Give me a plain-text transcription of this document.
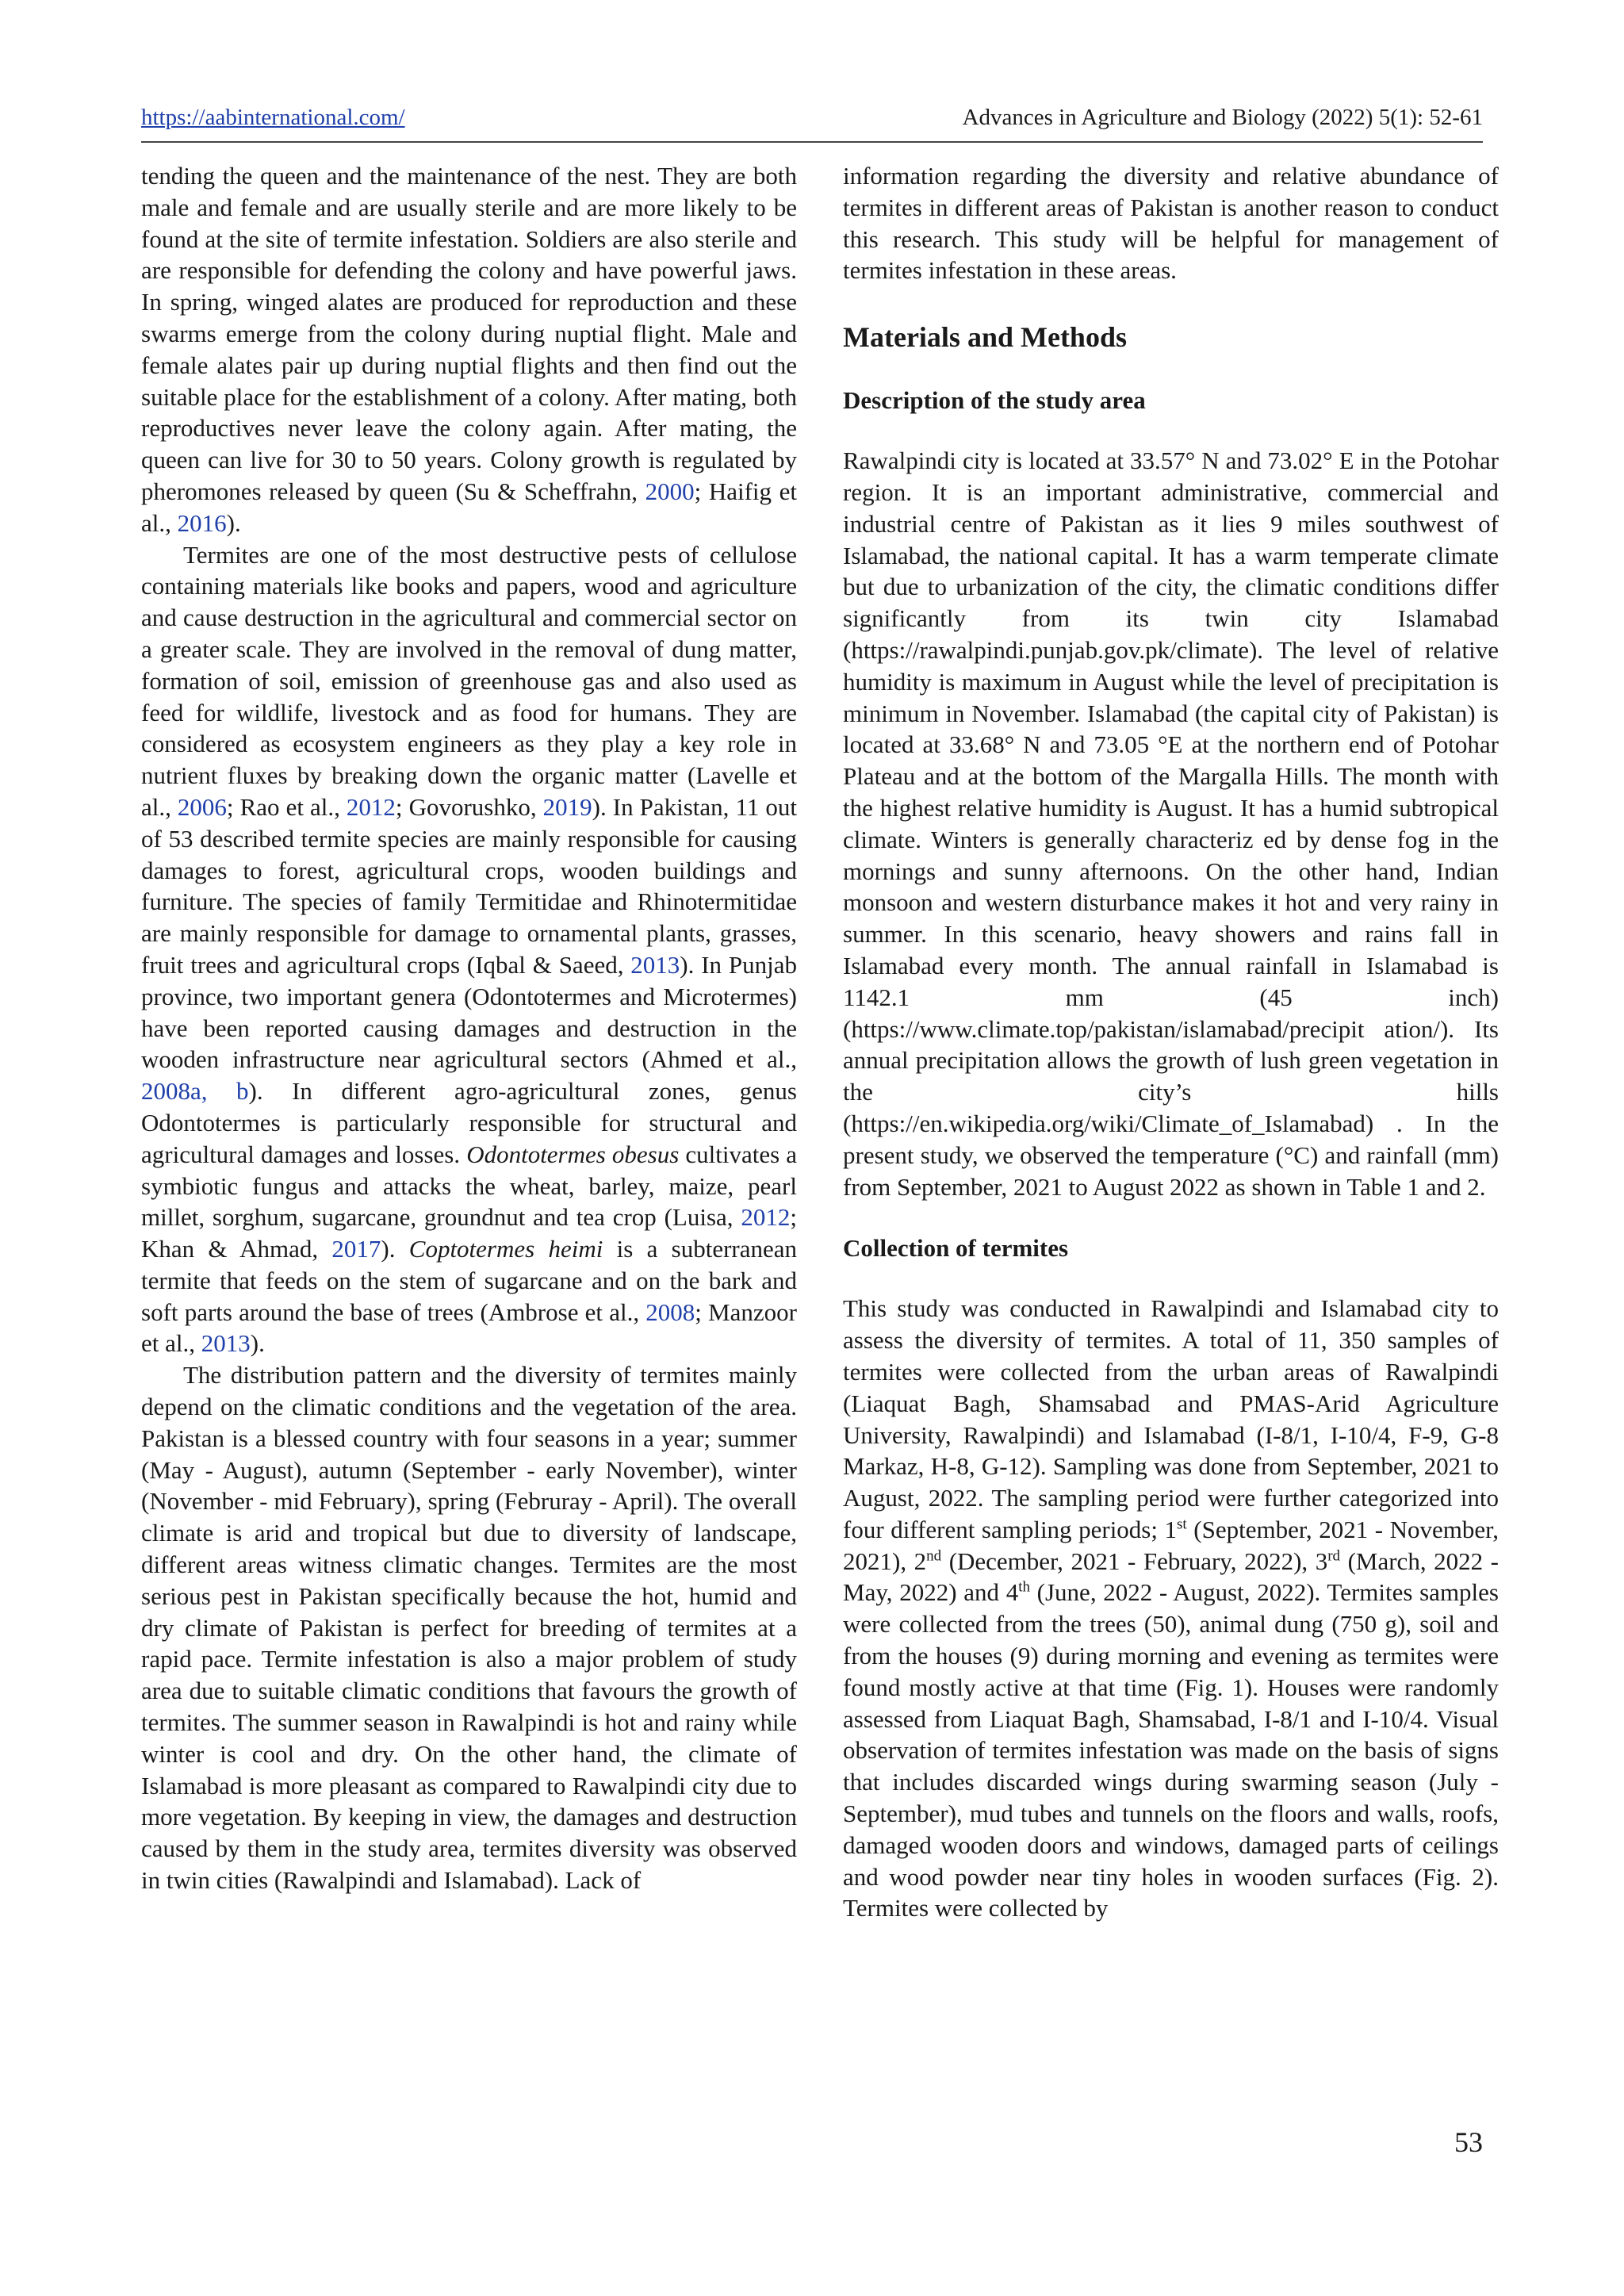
https://aabinternational.com/	Advances in Agriculture and Biology (2022) 5(1): 52-61

tending the queen and the maintenance of the nest. They are both male and female and are usually sterile and are more likely to be found at the site of termite infestation. Soldiers are also sterile and are responsible for defending the colony and have powerful jaws. In spring, winged alates are produced for reproduction and these swarms emerge from the colony during nuptial flight. Male and female alates pair up during nuptial flights and then find out the suitable place for the establishment of a colony. After mating, both reproductives never leave the colony again. After mating, the queen can live for 30 to 50 years. Colony growth is regulated by pheromones released by queen (Su & Scheffrahn, 2000; Haifig et al., 2016).

Termites are one of the most destructive pests of cellulose containing materials like books and papers, wood and agriculture and cause destruction in the agricultural and commercial sector on a greater scale. They are involved in the removal of dung matter, formation of soil, emission of greenhouse gas and also used as feed for wildlife, livestock and as food for humans. They are considered as ecosystem engineers as they play a key role in nutrient fluxes by breaking down the organic matter (Lavelle et al., 2006; Rao et al., 2012; Govorushko, 2019). In Pakistan, 11 out of 53 described termite species are mainly responsible for causing damages to forest, agricultural crops, wooden buildings and furniture. The species of family Termitidae and Rhinotermitidae are mainly responsible for damage to ornamental plants, grasses, fruit trees and agricultural crops (Iqbal & Saeed, 2013). In Punjab province, two important genera (Odontotermes and Microtermes) have been reported causing damages and destruction in the wooden infrastructure near agricultural sectors (Ahmed et al., 2008a, b). In different agro-agricultural zones, genus Odontotermes is particularly responsible for structural and agricultural damages and losses. Odontotermes obesus cultivates a symbiotic fungus and attacks the wheat, barley, maize, pearl millet, sorghum, sugarcane, groundnut and tea crop (Luisa, 2012; Khan & Ahmad, 2017). Coptotermes heimi is a subterranean termite that feeds on the stem of sugarcane and on the bark and soft parts around the base of trees (Ambrose et al., 2008; Manzoor et al., 2013).

The distribution pattern and the diversity of termites mainly depend on the climatic conditions and the vegetation of the area. Pakistan is a blessed country with four seasons in a year; summer (May - August), autumn (September - early November), winter (November - mid February), spring (Februray - April). The overall climate is arid and tropical but due to diversity of landscape, different areas witness climatic changes. Termites are the most serious pest in Pakistan specifically because the hot, humid and dry climate of Pakistan is perfect for breeding of termites at a rapid pace. Termite infestation is also a major problem of study area due to suitable climatic conditions that favours the growth of termites. The summer season in Rawalpindi is hot and rainy while winter is cool and dry. On the other hand, the climate of Islamabad is more pleasant as compared to Rawalpindi city due to more vegetation. By keeping in view, the damages and destruction caused by them in the study area, termites diversity was observed in twin cities (Rawalpindi and Islamabad). Lack of

information regarding the diversity and relative abundance of termites in different areas of Pakistan is another reason to conduct this research. This study will be helpful for management of termites infestation in these areas.

Materials and Methods
Description of the study area

Rawalpindi city is located at 33.57° N and 73.02° E in the Potohar region. It is an important administrative, commercial and industrial centre of Pakistan as it lies 9 miles southwest of Islamabad, the national capital. It has a warm temperate climate but due to urbanization of the city, the climatic conditions differ significantly from its twin city Islamabad (https://rawalpindi.punjab.gov.pk/climate). The level of relative humidity is maximum in August while the level of precipitation is minimum in November. Islamabad (the capital city of Pakistan) is located at 33.68° N and 73.05 °E at the northern end of Potohar Plateau and at the bottom of the Margalla Hills. The month with the highest relative humidity is August. It has a humid subtropical climate. Winters is generally characteriz ed by dense fog in the mornings and sunny afternoons. On the other hand, Indian monsoon and western disturbance makes it hot and very rainy in summer. In this scenario, heavy showers and rains fall in Islamabad every month. The annual rainfall in Islamabad is 1142.1 mm (45 inch) (https://www.climate.top/pakistan/islamabad/precipit ation/). Its annual precipitation allows the growth of lush green vegetation in the city’s hills (https://en.wikipedia.org/wiki/Climate_of_Islamabad) . In the present study, we observed the temperature (°C) and rainfall (mm) from September, 2021 to August 2022 as shown in Table 1 and 2.

Collection of termites

This study was conducted in Rawalpindi and Islamabad city to assess the diversity of termites. A total of 11, 350 samples of termites were collected from the urban areas of Rawalpindi (Liaquat Bagh, Shamsabad and PMAS-Arid Agriculture University, Rawalpindi) and Islamabad (I-8/1, I-10/4, F-9, G-8 Markaz, H-8, G-12). Sampling was done from September, 2021 to August, 2022. The sampling period were further categorized into four different sampling periods; 1st (September, 2021 - November, 2021), 2nd (December, 2021 - February, 2022), 3rd (March, 2022 - May, 2022) and 4th (June, 2022 - August, 2022). Termites samples were collected from the trees (50), animal dung (750 g), soil and from the houses (9) during morning and evening as termites were found mostly active at that time (Fig. 1). Houses were randomly assessed from Liaquat Bagh, Shamsabad, I-8/1 and I-10/4. Visual observation of termites infestation was made on the basis of signs that includes discarded wings during swarming season (July - September), mud tubes and tunnels on the floors and walls, roofs, damaged wooden doors and windows, damaged parts of ceilings and wood powder near tiny holes in wooden surfaces (Fig. 2). Termites were collected by

53
